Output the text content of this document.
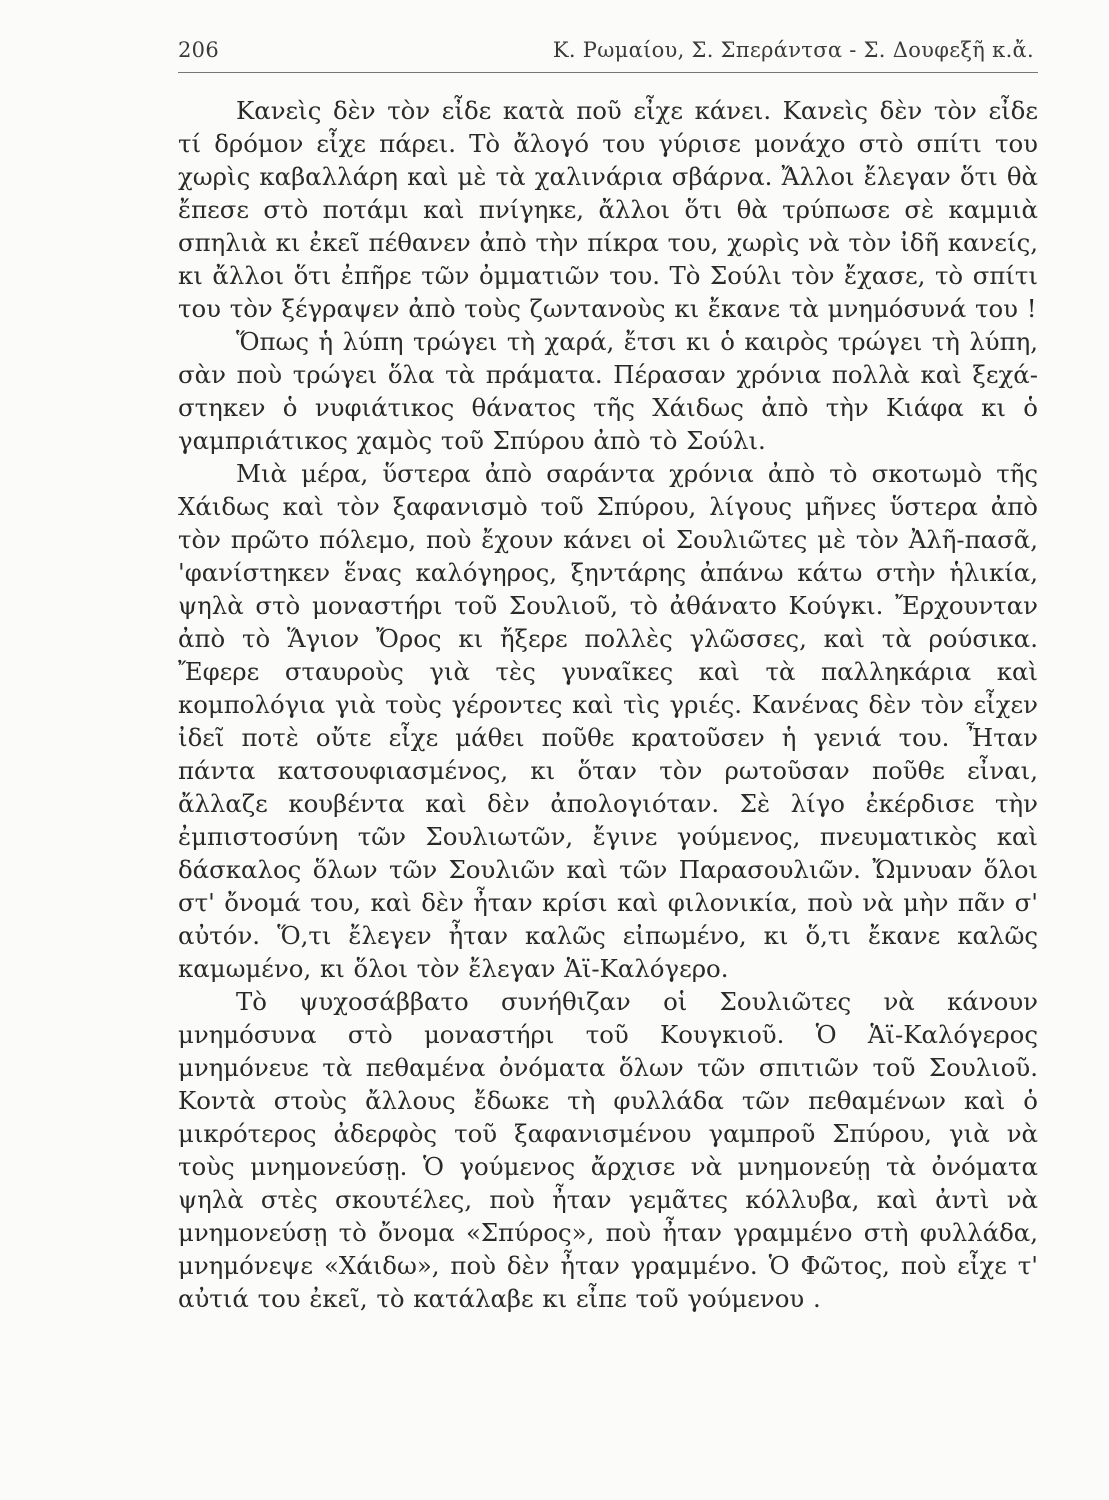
206	Κ. Ρωμαίου, Σ. Σπεράντσα - Σ. Δουφεξῆ κ.ἄ.

Κανεὶς δὲν τὸν εἶδε κατὰ ποῦ εἶχε κάνει. Κανεὶς δὲν τὸν εἶδε τί δρόμον εἶχε πάρει. Τὸ ἄλογό του γύρισε μονάχο στὸ σπίτι του χωρὶς καβαλλάρη καὶ μὲ τὰ χαλινάρια σβάρνα. Ἄλλοι ἔλεγαν ὅτι θὰ ἔπεσε στὸ ποτάμι καὶ πνίγηκε, ἄλλοι ὅτι θὰ τρύπωσε σὲ καμμιὰ σπηλιὰ κι ἐκεῖ πέθανεν ἀπὸ τὴν πίκρα του, χωρὶς νὰ τὸν ἰδῆ κανείς, κι ἄλλοι ὅτι ἐπῆρε τῶν ὀμματιῶν του. Τὸ Σούλι τὸν ἔχασε, τὸ σπίτι του τὸν ξέγραψεν ἀπὸ τοὺς ζωντανοὺς κι ἔκανε τὰ μνημόσυνά του !

Ὅπως ἡ λύπη τρώγει τὴ χαρά, ἔτσι κι ὁ καιρὸς τρώγει τὴ λύπη, σὰν ποὺ τρώγει ὅλα τὰ πράματα. Πέρασαν χρόνια πολλὰ καὶ ξεχάστηκεν ὁ νυφιάτικος θάνατος τῆς Χάιδως ἀπὸ τὴν Κιάφα κι ὁ γαμπριάτικος χαμὸς τοῦ Σπύρου ἀπὸ τὸ Σούλι.

Μιὰ μέρα, ὕστερα ἀπὸ σαράντα χρόνια ἀπὸ τὸ σκοτωμὸ τῆς Χάιδως καὶ τὸν ξαφανισμὸ τοῦ Σπύρου, λίγους μῆνες ὕστερα ἀπὸ τὸν πρῶτο πόλεμο, ποὺ ἔχουν κάνει οἱ Σουλιῶτες μὲ τὸν Ἀλῆ-πασᾶ, 'φανίστηκεν ἕνας καλόγηρος, ξηντάρης ἀπάνω κάτω στὴν ἡλικία, ψηλὰ στὸ μοναστήρι τοῦ Σουλιοῦ, τὸ ἀθάνατο Κούγκι. Ἔρχουνταν ἀπὸ τὸ Ἅγιον Ὄρος κι ἤξερε πολλὲς γλῶσσες, καὶ τὰ ρούσικα. Ἔφερε σταυροὺς γιὰ τὲς γυναῖκες καὶ τὰ παλληκάρια καὶ κομπολόγια γιὰ τοὺς γέροντες καὶ τὶς γριές. Κανένας δὲν τὸν εἶχεν ἰδεῖ ποτὲ οὔτε εἶχε μάθει ποῦθε κρατοῦσεν ἡ γενιά του. Ἦταν πάντα κατσουφιασμένος, κι ὅταν τὸν ρωτοῦσαν ποῦθε εἶναι, ἄλλαζε κουβέντα καὶ δὲν ἀπολογιόταν. Σὲ λίγο ἐκέρδισε τὴν ἐμπιστοσύνη τῶν Σουλιωτῶν, ἔγινε γούμενος, πνευματικὸς καὶ δάσκαλος ὅλων τῶν Σουλιῶν καὶ τῶν Παρασουλιῶν. Ὤμνυαν ὅλοι στ' ὄνομά του, καὶ δὲν ἦταν κρίσι καὶ φιλονικία, ποὺ νὰ μὴν πᾶν σ' αὐτόν. Ὅ,τι ἔλεγεν ἦταν καλῶς εἰπωμένο, κι ὅ,τι ἔκανε καλῶς καμωμένο, κι ὅλοι τὸν ἔλεγαν Ἁϊ-Καλόγερο.

Τὸ ψυχοσάββατο συνήθιζαν οἱ Σουλιῶτες νὰ κάνουν μνημόσυνα στὸ μοναστήρι τοῦ Κουγκιοῦ. Ὁ Ἁϊ-Καλόγερος μνημόνευε τὰ πεθαμένα ὀνόματα ὅλων τῶν σπιτιῶν τοῦ Σουλιοῦ. Κοντὰ στοὺς ἄλλους ἔδωκε τὴ φυλλάδα τῶν πεθαμένων καὶ ὁ μικρότερος ἀδερφὸς τοῦ ξαφανισμένου γαμπροῦ Σπύρου, γιὰ νὰ τοὺς μνημονεύσῃ. Ὁ γούμενος ἄρχισε νὰ μνημονεύῃ τὰ ὀνόματα ψηλὰ στὲς σκουτέλες, ποὺ ἦταν γεμᾶτες κόλλυβα, καὶ ἀντὶ νὰ μνημονεύσῃ τὸ ὄνομα «Σπύρος», ποὺ ἦταν γραμμένο στὴ φυλλάδα, μνημόνεψε «Χάιδω», ποὺ δὲν ἦταν γραμμένο. Ὁ Φῶτος, ποὺ εἶχε τ' αὐτιά του ἐκεῖ, τὸ κατάλαβε κι εἶπε τοῦ γούμενου .
